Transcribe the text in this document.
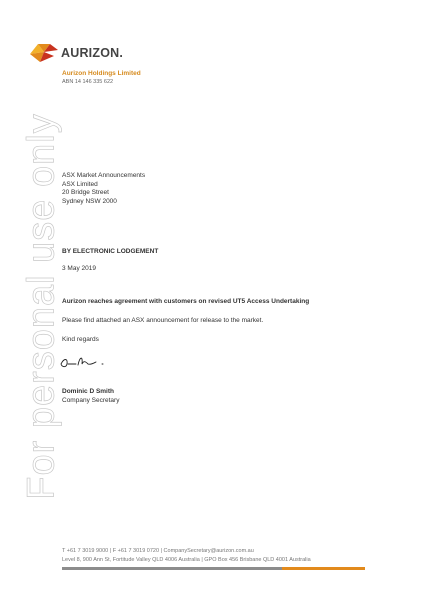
AURIZON.
Aurizon Holdings Limited
ABN 14 146 335 622
For personal use only ASX Market Announcements
ASX Limited
20 Bridge Street
Sydney NSW 2000
BY ELECTRONIC LODGEMENT
3 May 2019
Aurizon reaches agreement with customers on revised UT5 Access Undertaking
Please find attached an ASX announcement for release to the market.
Kind regards
Dominic D Smith
Company Secretary
T +61 7 3019 9000 | F +61 7 3019 0720 | CompanySecretary@aurizon.com.au
Level 8, 900 Ann St, Fortitude Valley QLD 4006 Australia | GPO Box 456 Brisbane QLD 4001 Australia
